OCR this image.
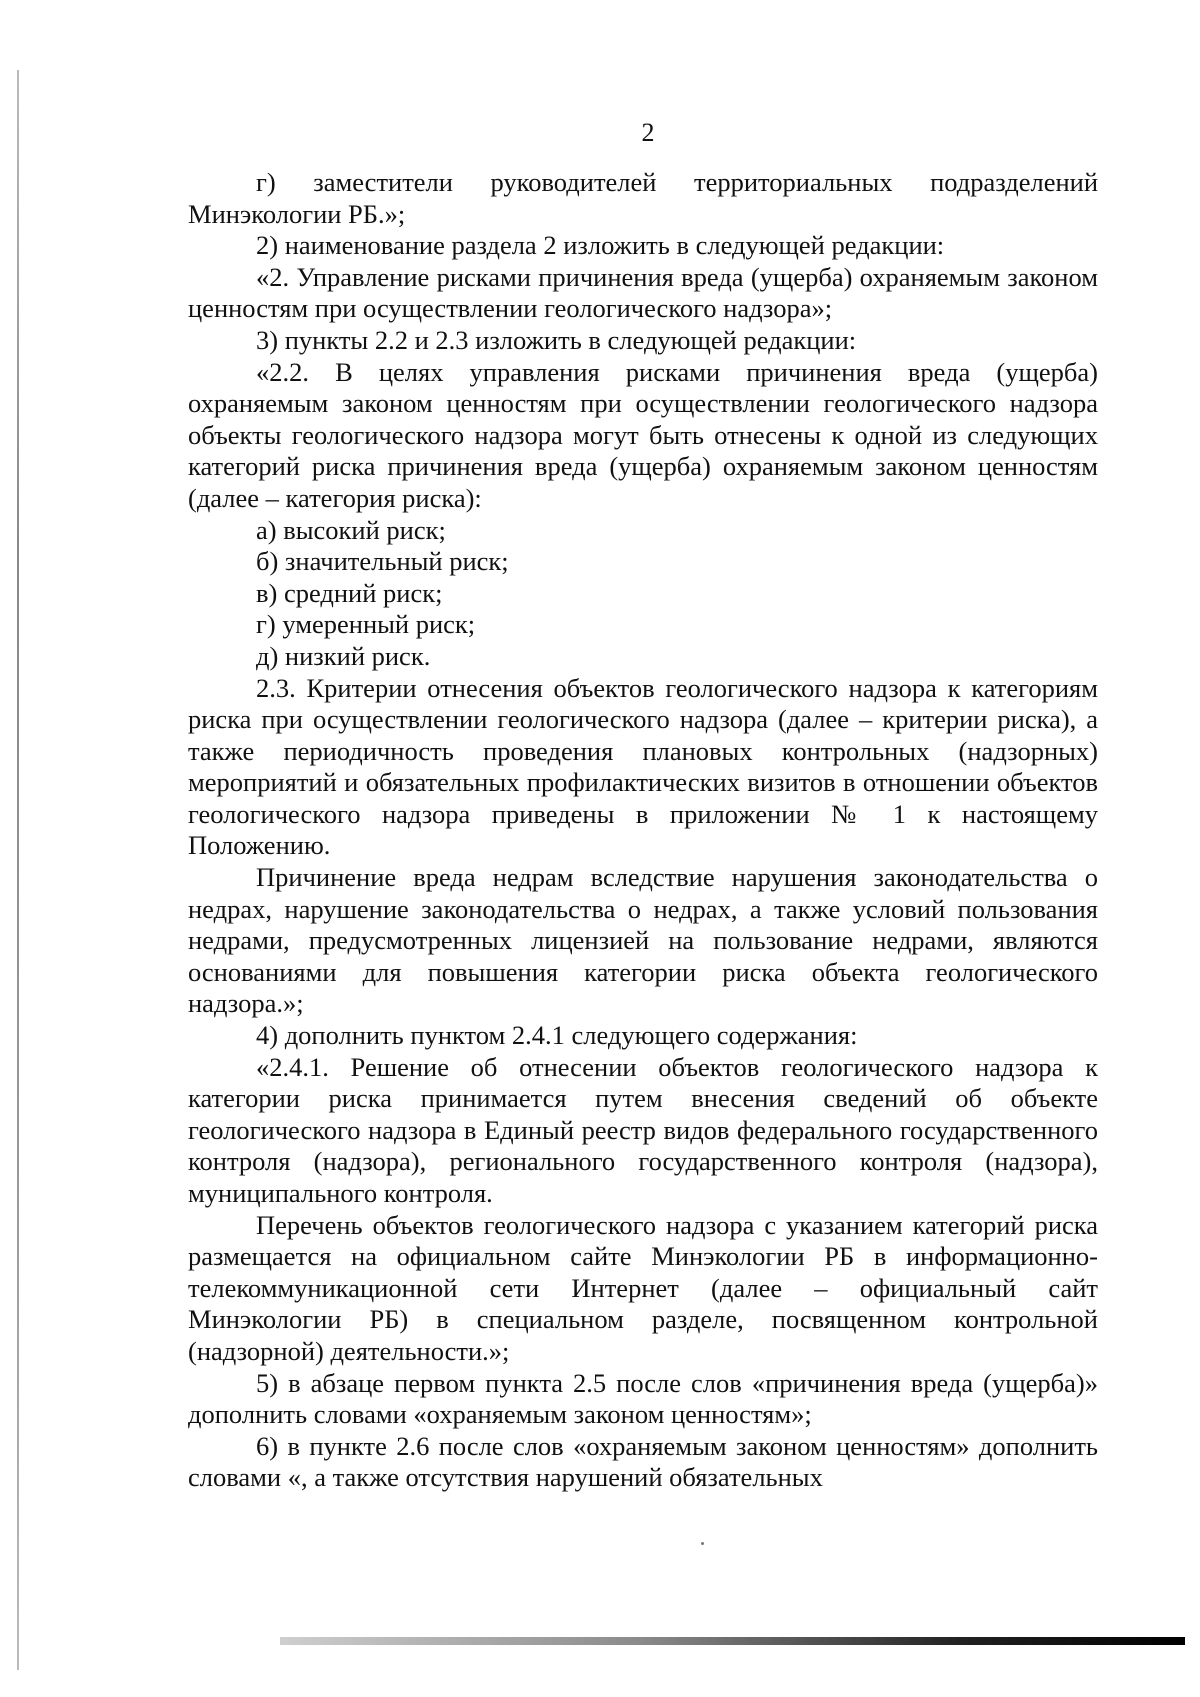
2

г) заместители руководителей территориальных подразделений Минэкологии РБ.»;

2) наименование раздела 2 изложить в следующей редакции:

«2. Управление рисками причинения вреда (ущерба) охраняемым законом ценностям при осуществлении геологического надзора»;

3) пункты 2.2 и 2.3 изложить в следующей редакции:

«2.2. В целях управления рисками причинения вреда (ущерба) охраняемым законом ценностям при осуществлении геологического надзора объекты геологического надзора могут быть отнесены к одной из следующих категорий риска причинения вреда (ущерба) охраняемым законом ценностям (далее – категория риска):

а) высокий риск;

б) значительный риск;

в) средний риск;

г) умеренный риск;

д) низкий риск.

2.3. Критерии отнесения объектов геологического надзора к категориям риска при осуществлении геологического надзора (далее – критерии риска), а также периодичность проведения плановых контрольных (надзорных) мероприятий и обязательных профилактических визитов в отношении объектов геологического надзора приведены в приложении № 1 к настоящему Положению.

Причинение вреда недрам вследствие нарушения законодательства о недрах, нарушение законодательства о недрах, а также условий пользования недрами, предусмотренных лицензией на пользование недрами, являются основаниями для повышения категории риска объекта геологического надзора.»;

4) дополнить пунктом 2.4.1 следующего содержания:

«2.4.1. Решение об отнесении объектов геологического надзора к категории риска принимается путем внесения сведений об объекте геологического надзора в Единый реестр видов федерального государственного контроля (надзора), регионального государственного контроля (надзора), муниципального контроля.

Перечень объектов геологического надзора с указанием категорий риска размещается на официальном сайте Минэкологии РБ в информационно-телекоммуникационной сети Интернет (далее – официальный сайт Минэкологии РБ) в специальном разделе, посвященном контрольной (надзорной) деятельности.»;

5) в абзаце первом пункта 2.5 после слов «причинения вреда (ущерба)» дополнить словами «охраняемым законом ценностям»;

6) в пункте 2.6 после слов «охраняемым законом ценностям» дополнить словами «, а также отсутствия нарушений обязательных
